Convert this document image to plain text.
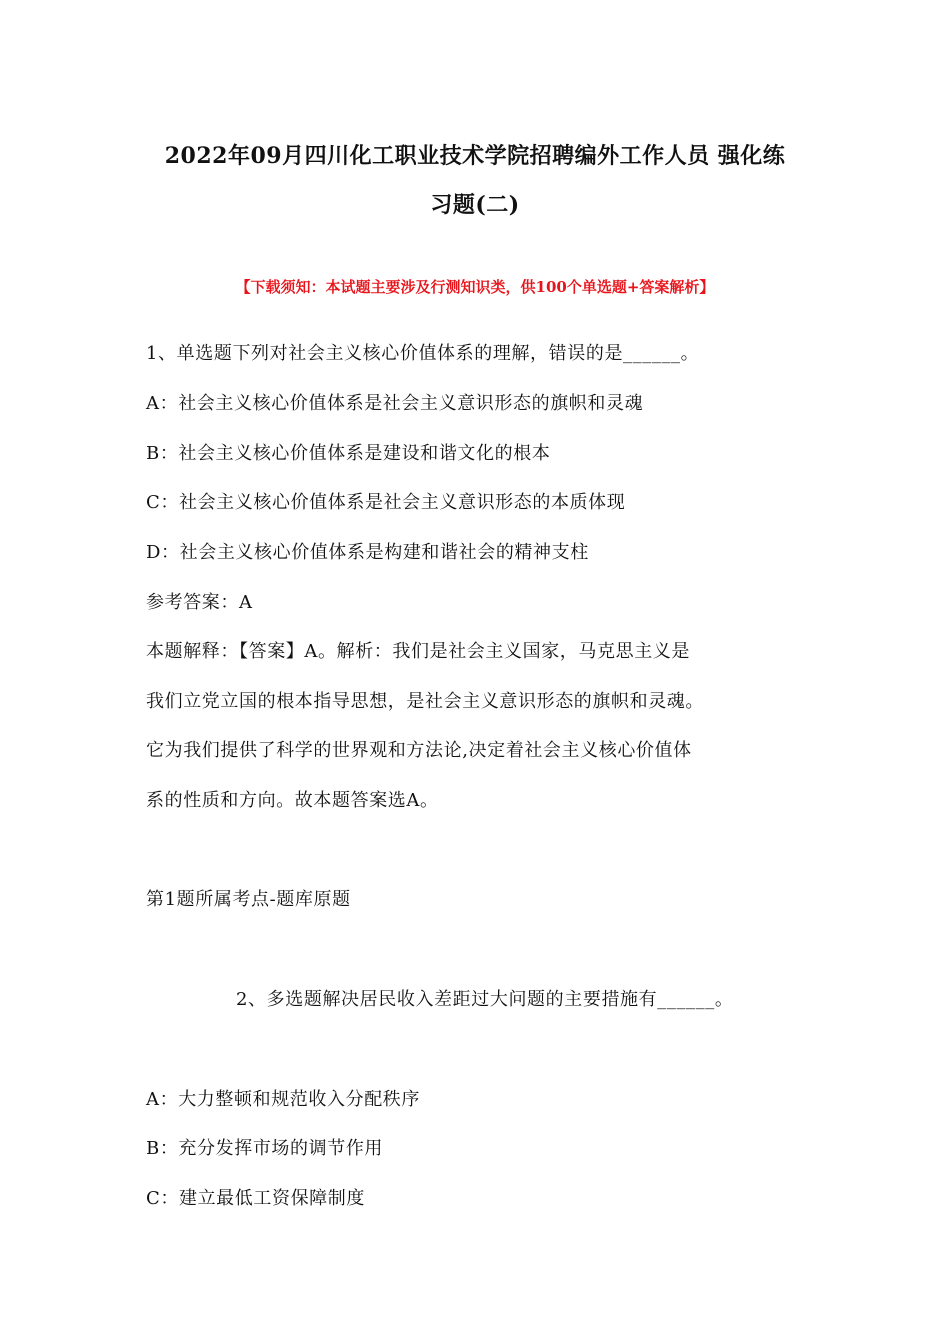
2022年09月四川化工职业技术学院招聘编外工作人员 强化练
习题(二)
【下载须知：本试题主要涉及行测知识类，供100个单选题+答案解析】
1、单选题下列对社会主义核心价值体系的理解，错误的是______。
A：社会主义核心价值体系是社会主义意识形态的旗帜和灵魂
B：社会主义核心价值体系是建设和谐文化的根本
C：社会主义核心价值体系是社会主义意识形态的本质体现
D：社会主义核心价值体系是构建和谐社会的精神支柱
参考答案：A
本题解释：【答案】A。解析：我们是社会主义国家，马克思主义是
我们立党立国的根本指导思想，是社会主义意识形态的旗帜和灵魂。
它为我们提供了科学的世界观和方法论,决定着社会主义核心价值体
系的性质和方向。故本题答案选A。
第1题所属考点-题库原题
2、多选题解决居民收入差距过大问题的主要措施有______。
A：大力整顿和规范收入分配秩序
B：充分发挥市场的调节作用
C：建立最低工资保障制度
